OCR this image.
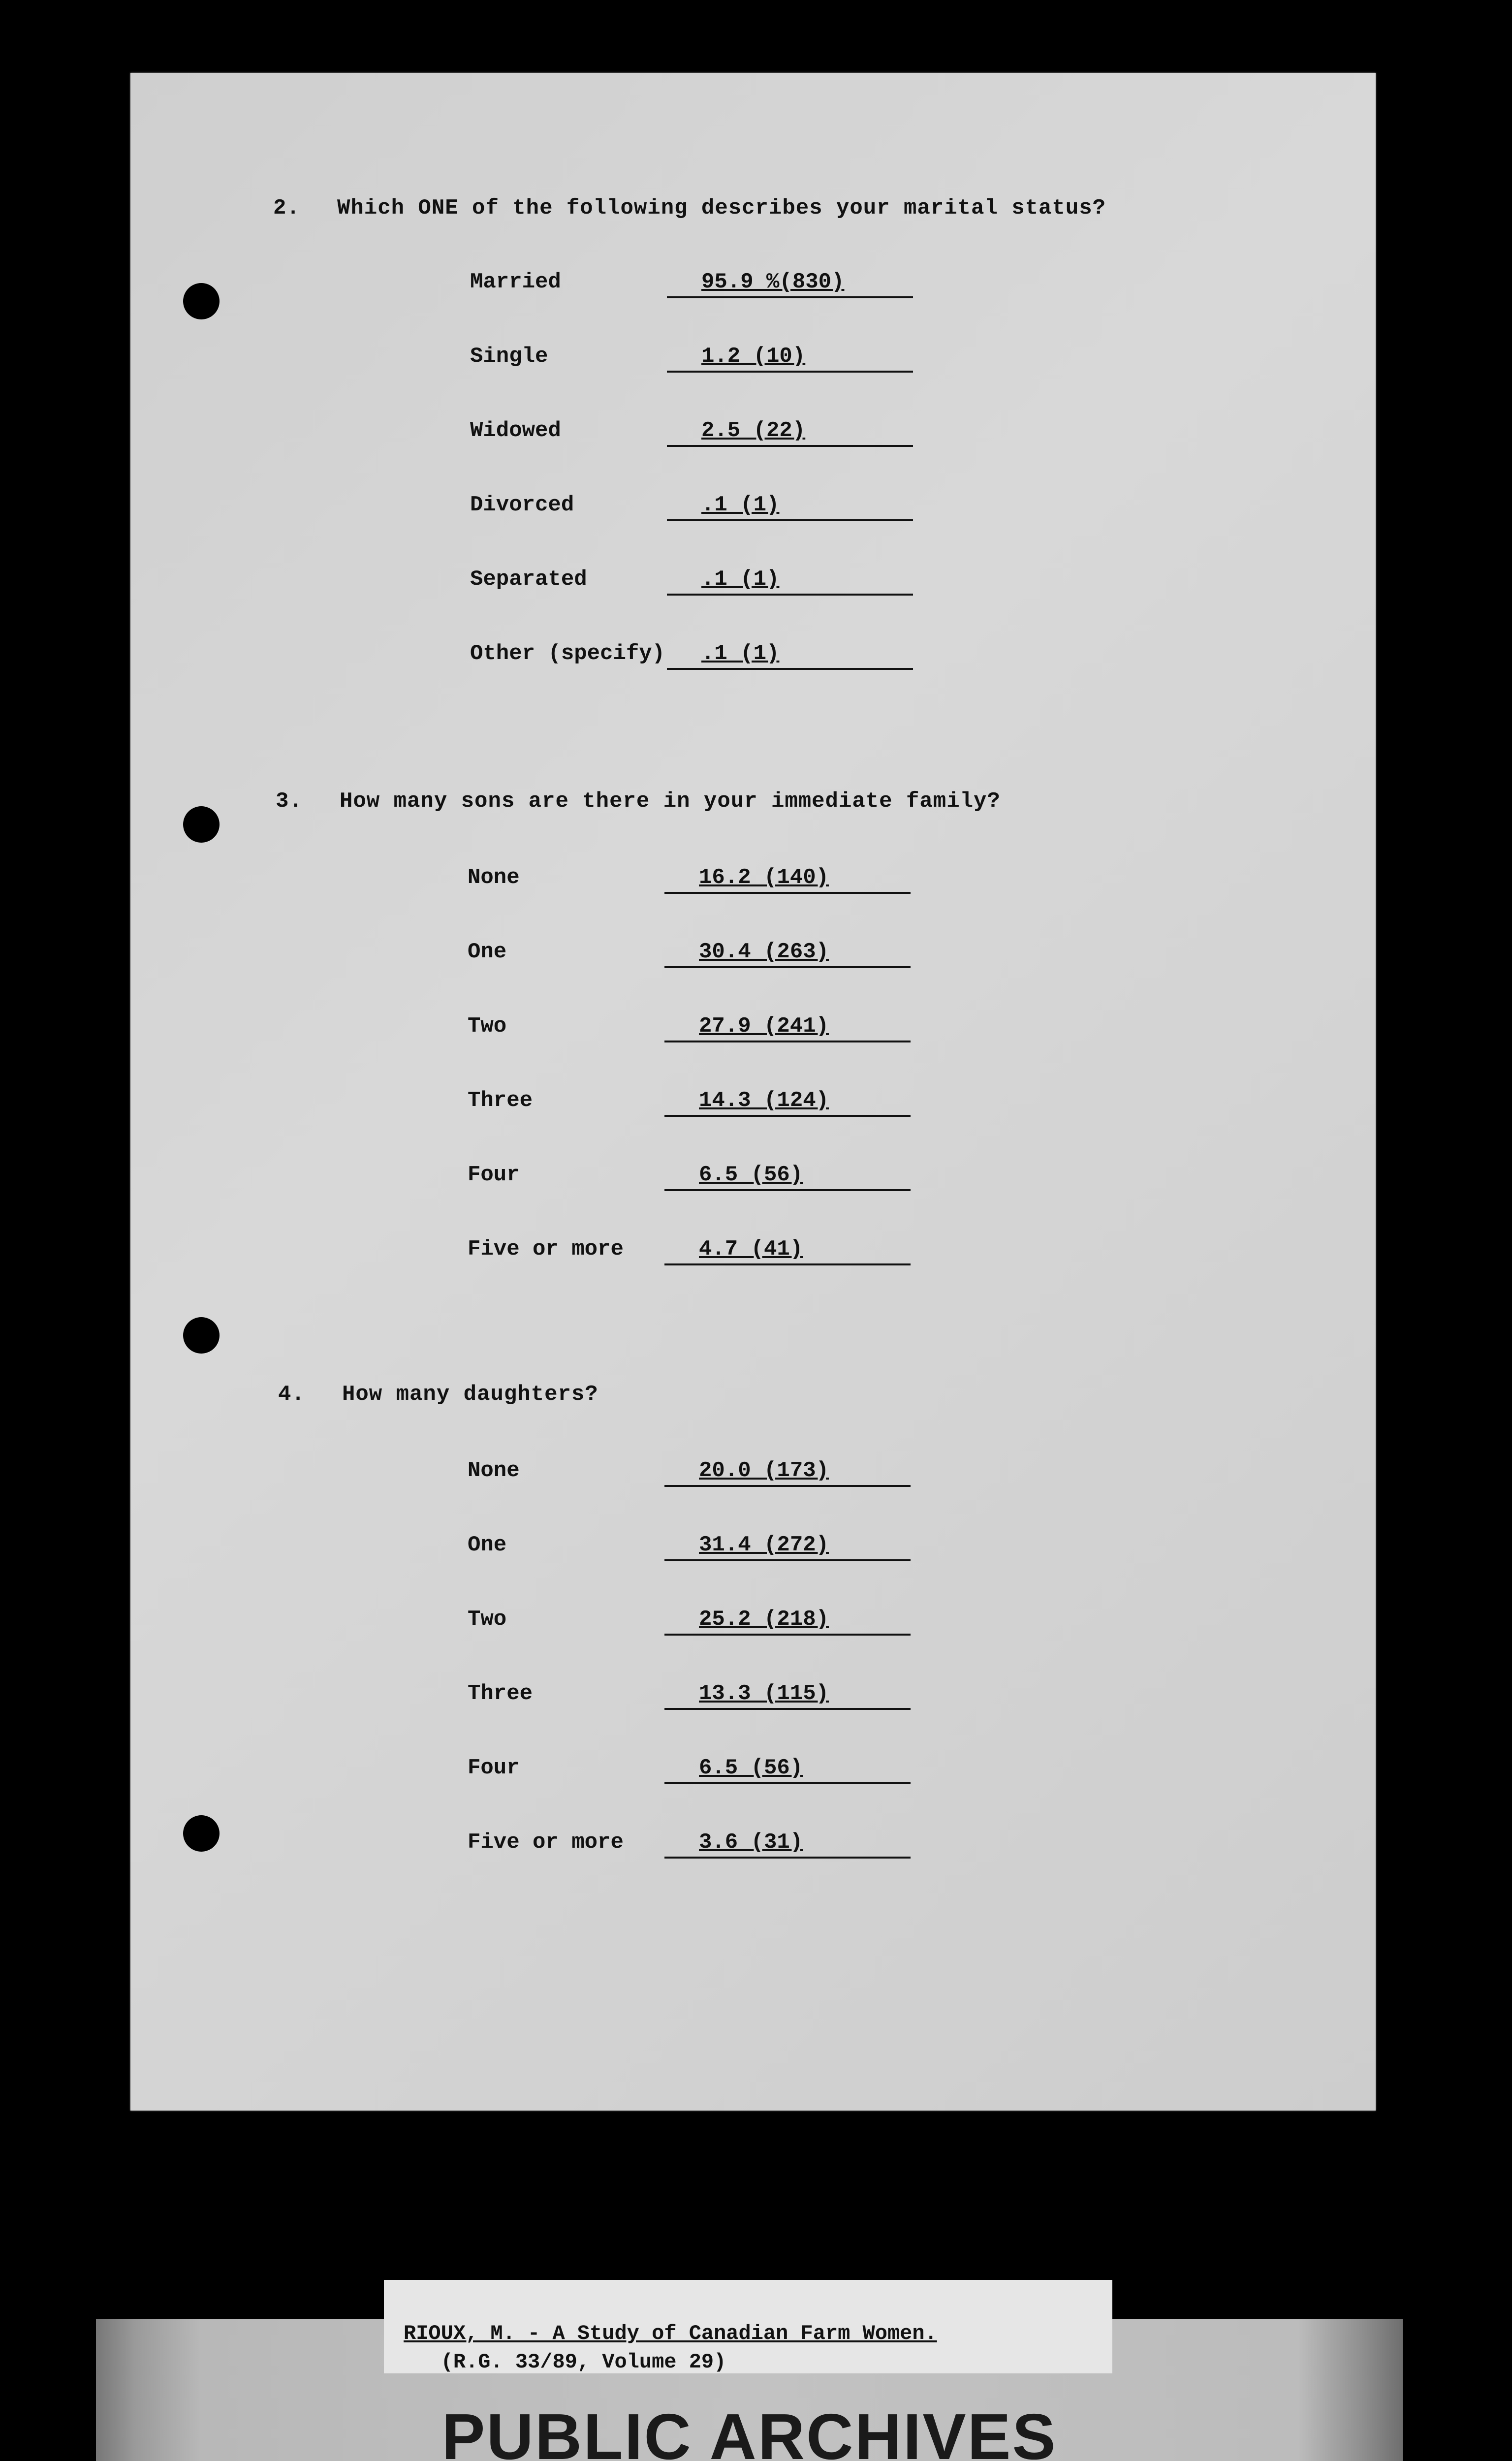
2. Which ONE of the following describes your marital status?
Married	95.9 %(830)
Single	1.2 (10)
Widowed	2.5 (22)
Divorced	.1 (1)
Separated	.1 (1)
Other (specify) .1 (1)
3. How many sons are there in your immediate family?
None	16.2 (140)
One	30.4 (263)
Two	27.9 (241)
Three	14.3 (124)
Four	6.5 (56)
Five or more	4.7 (41)
4. How many daughters?
None	20.0 (173)
One	31.4 (272)
Two	25.2 (218)
Three	13.3 (115)
Four	6.5 (56)
Five or more	3.6 (31)
RIOUX, M. - A Study of Canadian Farm Women.
(R.G. 33/89, Volume 29)
PUBLIC ARCHIVES
